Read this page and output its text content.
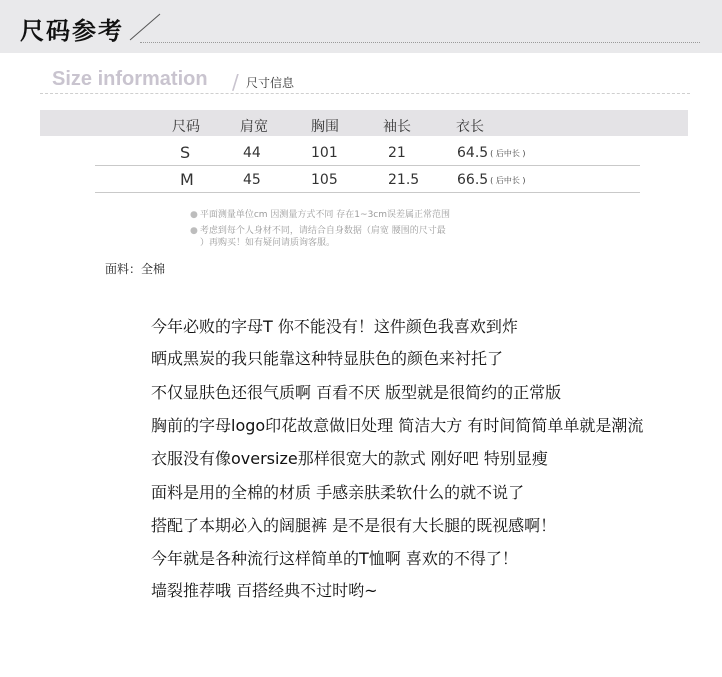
尺码参考
Size information / 尺寸信息
尺码	肩宽	胸围	袖长	衣长
S	44	101	21	64.5 ( 后中长 )
M	45	105	21.5	66.5 ( 后中长 )
● 平面测量单位cm 因测量方式不同 存在1~3cm误差属正常范围
● 考虑到每个人身材不同，请结合自身数据（肩宽 腰围的尺寸最
）再购买！如有疑问请质询客服。
面料：全棉
今年必败的字母T 你不能没有！这件颜色我喜欢到炸
晒成黑炭的我只能靠这种特显肤色的颜色来衬托了
不仅显肤色还很气质啊 百看不厌 版型就是很简约的正常版
胸前的字母logo印花故意做旧处理 简洁大方 有时间简简单单就是潮流
衣服没有像oversize那样很宽大的款式 刚好吧 特别显瘦
面料是用的全棉的材质 手感亲肤柔软什么的就不说了
搭配了本期必入的阔腿裤 是不是很有大长腿的既视感啊！
今年就是各种流行这样简单的T恤啊 喜欢的不得了！
墙裂推荐哦 百搭经典不过时哟~
